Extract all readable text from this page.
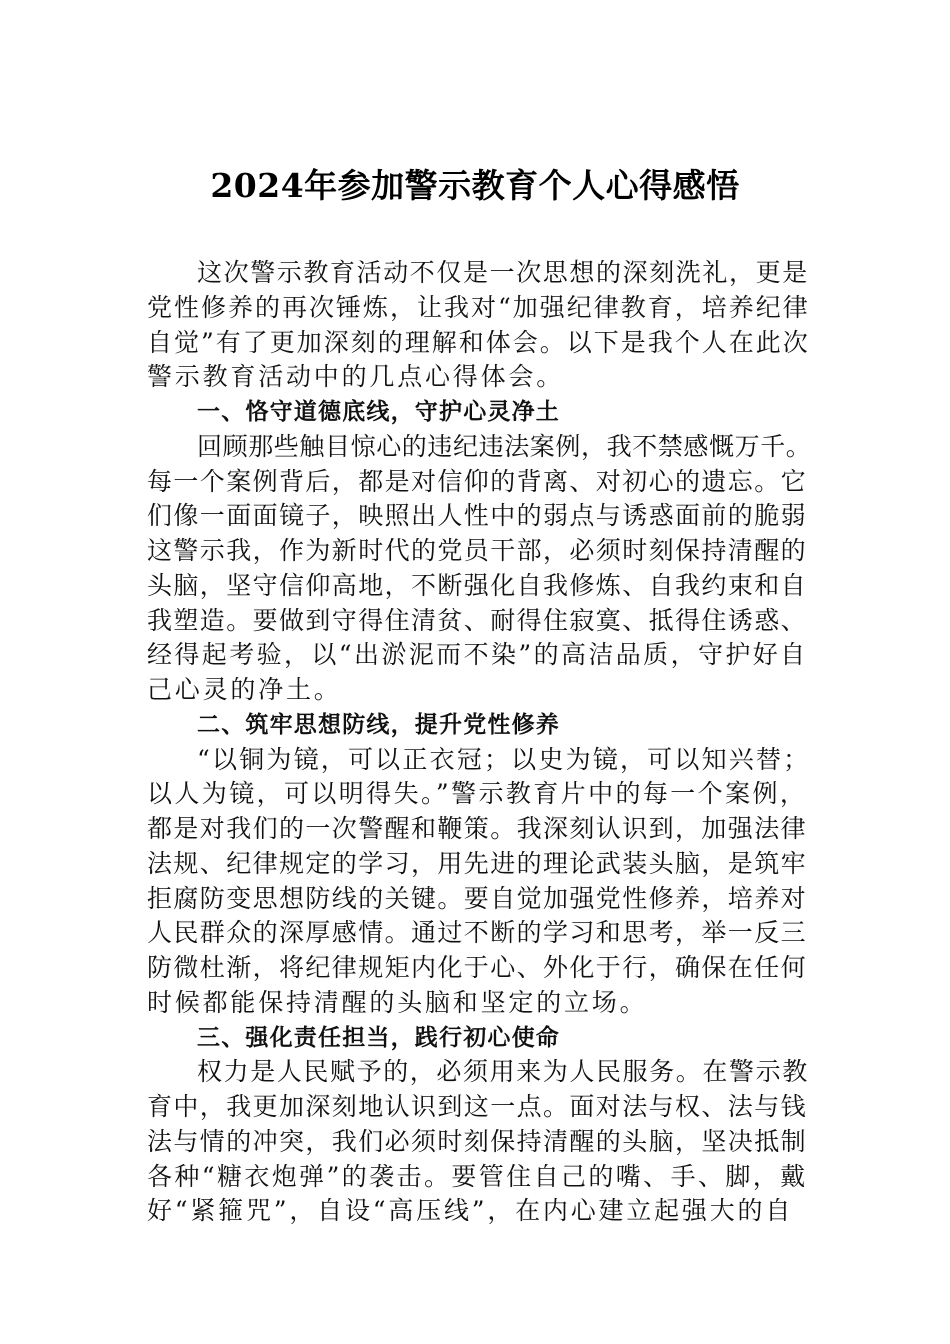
2024年参加警示教育个人心得感悟
这次警示教育活动不仅是一次思想的深刻洗礼，更是
党性修养的再次锤炼，让我对“加强纪律教育，培养纪律
自觉”有了更加深刻的理解和体会。以下是我个人在此次
警示教育活动中的几点心得体会。
一、恪守道德底线，守护心灵净土
回顾那些触目惊心的违纪违法案例，我不禁感慨万千。
每一个案例背后，都是对信仰的背离、对初心的遗忘。它
们像一面面镜子，映照出人性中的弱点与诱惑面前的脆弱
这警示我，作为新时代的党员干部，必须时刻保持清醒的
头脑，坚守信仰高地，不断强化自我修炼、自我约束和自
我塑造。要做到守得住清贫、耐得住寂寞、抵得住诱惑、
经得起考验，以“出淤泥而不染”的高洁品质，守护好自
己心灵的净土。
二、筑牢思想防线，提升党性修养
“以铜为镜，可以正衣冠；以史为镜，可以知兴替；
以人为镜，可以明得失。”警示教育片中的每一个案例，
都是对我们的一次警醒和鞭策。我深刻认识到，加强法律
法规、纪律规定的学习，用先进的理论武装头脑，是筑牢
拒腐防变思想防线的关键。要自觉加强党性修养，培养对
人民群众的深厚感情。通过不断的学习和思考，举一反三
防微杜渐，将纪律规矩内化于心、外化于行，确保在任何
时候都能保持清醒的头脑和坚定的立场。
三、强化责任担当，践行初心使命
权力是人民赋予的，必须用来为人民服务。在警示教
育中，我更加深刻地认识到这一点。面对法与权、法与钱
法与情的冲突，我们必须时刻保持清醒的头脑，坚决抵制
各种“糖衣炮弹”的袭击。要管住自己的嘴、手、脚，戴
好“紧箍咒”，自设“高压线”，在内心建立起强大的自
